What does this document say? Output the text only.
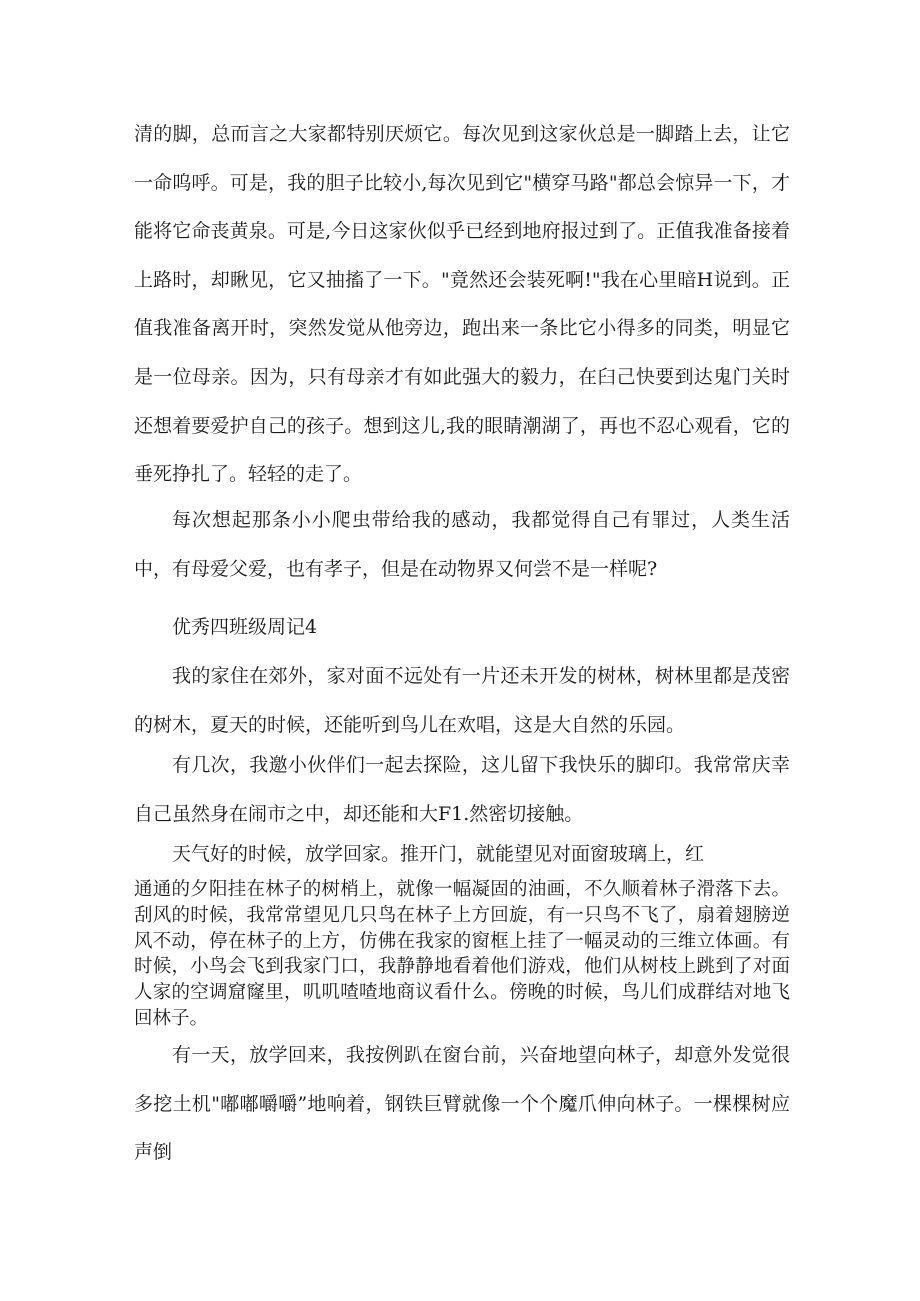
清的脚，总而言之大家都特别厌烦它。每次见到这家伙总是一脚踏上去，让它一命呜呼。可是，我的胆子比较小,每次见到它"横穿马路"都总会惊异一下，才能将它命丧黄泉。可是,今日这家伙似乎已经到地府报过到了。正值我准备接着上路时，却瞅见，它又抽搐了一下。"竟然还会装死啊!"我在心里暗H说到。正值我准备离开时，突然发觉从他旁边，跑出来一条比它小得多的同类，明显它是一位母亲。因为，只有母亲才有如此强大的毅力，在臼己快要到达鬼门关时还想着要爱护自己的孩子。想到这儿,我的眼睛潮湖了，再也不忍心观看，它的垂死挣扎了。轻轻的走了。

每次想起那条小小爬虫带给我的感动，我都觉得自己有罪过，人类生活中，有母爱父爱，也有孝子，但是在动物界又何尝不是一样呢?

优秀四班级周记4

我的家住在郊外，家对面不远处有一片还未开发的树林，树林里都是茂密的树木，夏天的时候，还能听到鸟儿在欢唱，这是大自然的乐园。

有几次，我邀小伙伴们一起去探险，这儿留下我快乐的脚印。我常常庆幸自己虽然身在闹市之中，却还能和大F1.然密切接触。

天气好的时候，放学回家。推开门，就能望见对面窗玻璃上，红

通通的夕阳挂在林子的树梢上，就像一幅凝固的油画，不久顺着林子滑落下去。刮风的时候，我常常望见几只鸟在林子上方回旋，有一只鸟不飞了，扇着翅膀逆风不动，停在林子的上方，仿佛在我家的窗框上挂了一幅灵动的三维立体画。有时候，小鸟会飞到我家门口，我静静地看着他们游戏，他们从树枝上跳到了对面人家的空调窟窿里，叽叽喳喳地商议看什么。傍晚的时候，鸟儿们成群结对地飞回林子。

有一天，放学回来，我按例趴在窗台前，兴奋地望向林子，却意外发觉很多挖土机"嘟嘟嚼嚼”地响着，钢铁巨臂就像一个个魔爪伸向林子。一棵棵树应声倒
